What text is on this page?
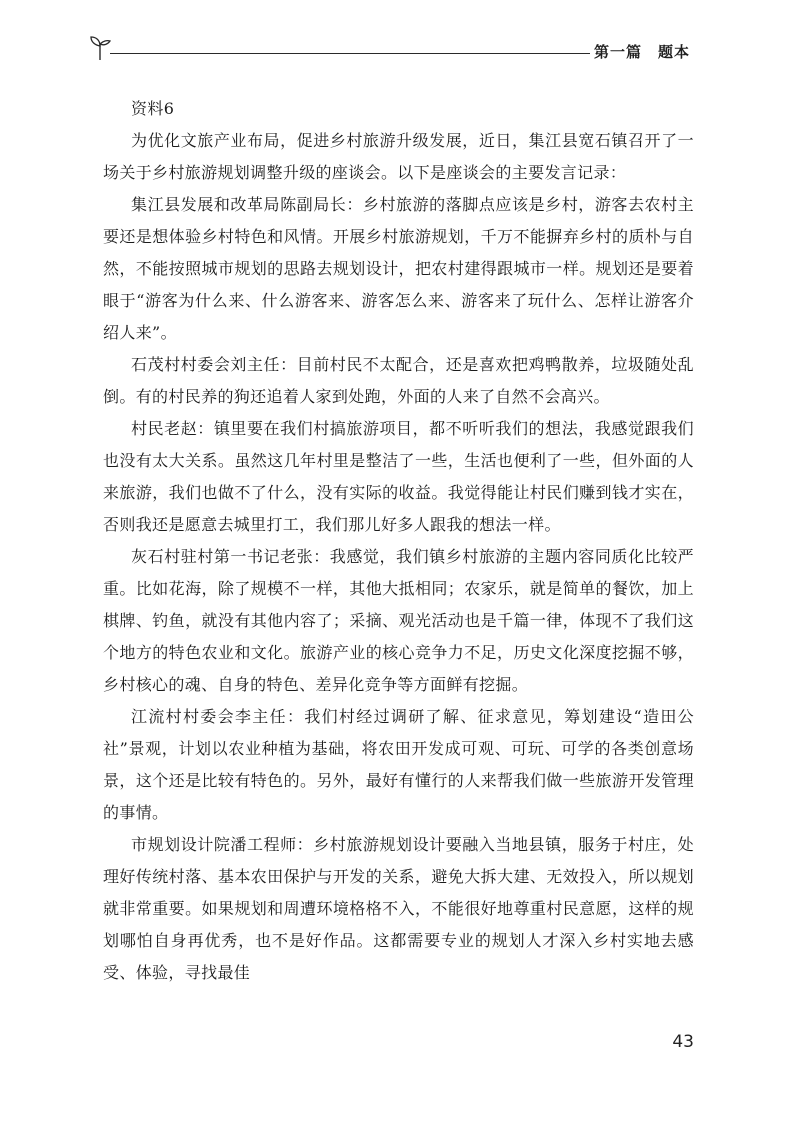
第一篇　题本

资料6

为优化文旅产业布局，促进乡村旅游升级发展，近日，集江县宽石镇召开了一场关于乡村旅游规划调整升级的座谈会。以下是座谈会的主要发言记录：

集江县发展和改革局陈副局长：乡村旅游的落脚点应该是乡村，游客去农村主要还是想体验乡村特色和风情。开展乡村旅游规划，千万不能摒弃乡村的质朴与自然，不能按照城市规划的思路去规划设计，把农村建得跟城市一样。规划还是要着眼于“游客为什么来、什么游客来、游客怎么来、游客来了玩什么、怎样让游客介绍人来”。

石茂村村委会刘主任：目前村民不太配合，还是喜欢把鸡鸭散养，垃圾随处乱倒。有的村民养的狗还追着人家到处跑，外面的人来了自然不会高兴。

村民老赵：镇里要在我们村搞旅游项目，都不听听我们的想法，我感觉跟我们也没有太大关系。虽然这几年村里是整洁了一些，生活也便利了一些，但外面的人来旅游，我们也做不了什么，没有实际的收益。我觉得能让村民们赚到钱才实在，否则我还是愿意去城里打工，我们那儿好多人跟我的想法一样。

灰石村驻村第一书记老张：我感觉，我们镇乡村旅游的主题内容同质化比较严重。比如花海，除了规模不一样，其他大抵相同；农家乐，就是简单的餐饮，加上棋牌、钓鱼，就没有其他内容了；采摘、观光活动也是千篇一律，体现不了我们这个地方的特色农业和文化。旅游产业的核心竞争力不足，历史文化深度挖掘不够，乡村核心的魂、自身的特色、差异化竞争等方面鲜有挖掘。

江流村村委会李主任：我们村经过调研了解、征求意见，筹划建设“造田公社”景观，计划以农业种植为基础，将农田开发成可观、可玩、可学的各类创意场景，这个还是比较有特色的。另外，最好有懂行的人来帮我们做一些旅游开发管理的事情。

市规划设计院潘工程师：乡村旅游规划设计要融入当地县镇，服务于村庄，处理好传统村落、基本农田保护与开发的关系，避免大拆大建、无效投入，所以规划就非常重要。如果规划和周遭环境格格不入，不能很好地尊重村民意愿，这样的规划哪怕自身再优秀，也不是好作品。这都需要专业的规划人才深入乡村实地去感受、体验，寻找最佳

43
